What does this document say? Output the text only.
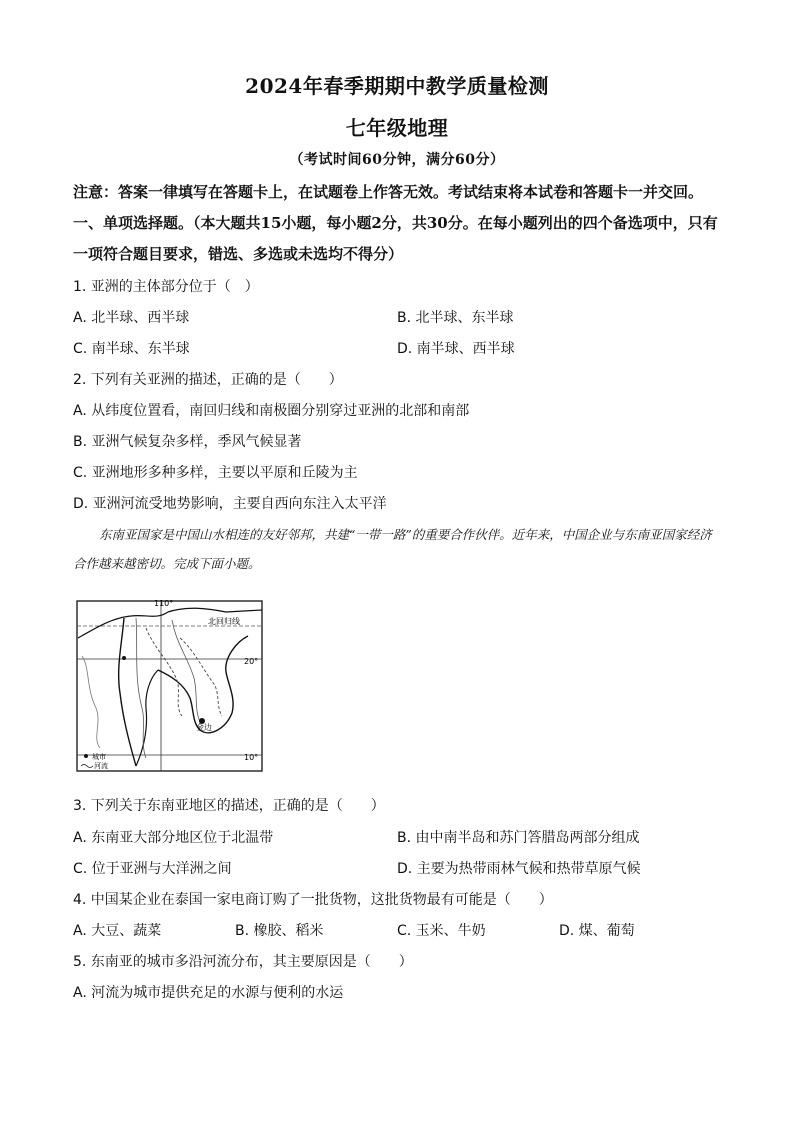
2024年春季期期中教学质量检测
七年级地理
（考试时间60分钟，满分60分）
注意：答案一律填写在答题卡上，在试题卷上作答无效。考试结束将本试卷和答题卡一并交回。一、单项选择题。（本大题共15小题，每小题2分，共30分。在每小题列出的四个备选项中，只有一项符合题目要求，错选、多选或未选均不得分）
1. 亚洲的主体部分位于（　）
A. 北半球、西半球	B. 北半球、东半球
C. 南半球、东半球	D. 南半球、西半球
2. 下列有关亚洲的描述，正确的是（　　）
A. 从纬度位置看，南回归线和南极圈分别穿过亚洲的北部和南部
B. 亚洲气候复杂多样，季风气候显著
C. 亚洲地形多种多样，主要以平原和丘陵为主
D. 亚洲河流受地势影响，主要自西向东注入太平洋
东南亚国家是中国山水相连的友好邻邦，共建“一带一路”的重要合作伙伴。近年来，中国企业与东南亚国家经济合作越来越密切。完成下面小题。
110°
北回归线
20°
10°
金边
城市
河流
3. 下列关于东南亚地区的描述，正确的是（　　）
A. 东南亚大部分地区位于北温带	B. 由中南半岛和苏门答腊岛两部分组成
C. 位于亚洲与大洋洲之间	D. 主要为热带雨林气候和热带草原气候
4. 中国某企业在泰国一家电商订购了一批货物，这批货物最有可能是（　　）
A. 大豆、蔬菜	B. 橡胶、稻米	C. 玉米、牛奶	D. 煤、葡萄
5. 东南亚的城市多沿河流分布，其主要原因是（　　）
A. 河流为城市提供充足的水源与便利的水运
